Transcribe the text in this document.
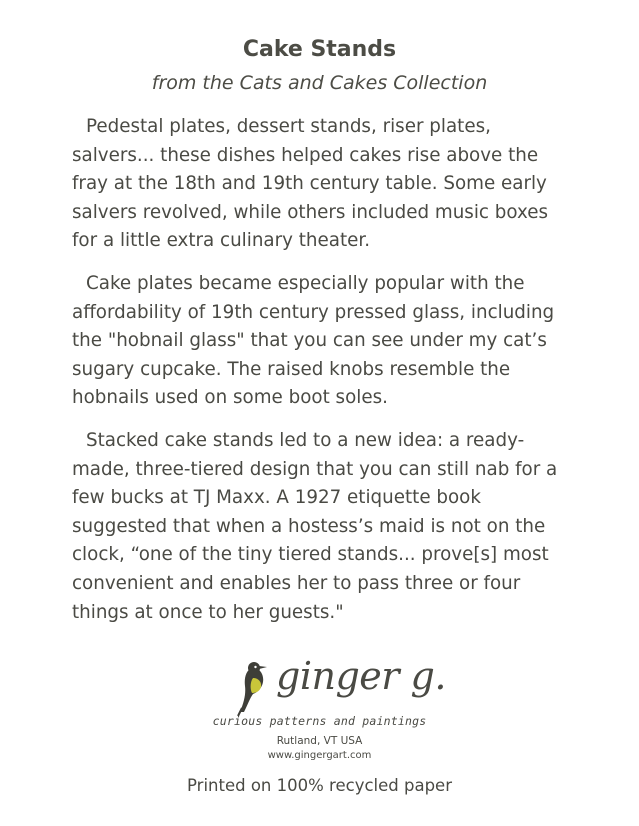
Cake Stands
from the Cats and Cakes Collection

Pedestal plates, dessert stands, riser plates, salvers... these dishes helped cakes rise above the fray at the 18th and 19th century table. Some early salvers revolved, while others included music boxes for a little extra culinary theater.

Cake plates became especially popular with the affordability of 19th century pressed glass, including the "hobnail glass" that you can see under my cat’s sugary cupcake. The raised knobs resemble the hobnails used on some boot soles.

Stacked cake stands led to a new idea: a ready-made, three-tiered design that you can still nab for a few bucks at TJ Maxx. A 1927 etiquette book suggested that when a hostess’s maid is not on the clock, “one of the tiny tiered stands... prove[s] most convenient and enables her to pass three or four things at once to her guests."

ginger g.
curious patterns and paintings
Rutland, VT USA
www.gingergart.com
Printed on 100% recycled paper
